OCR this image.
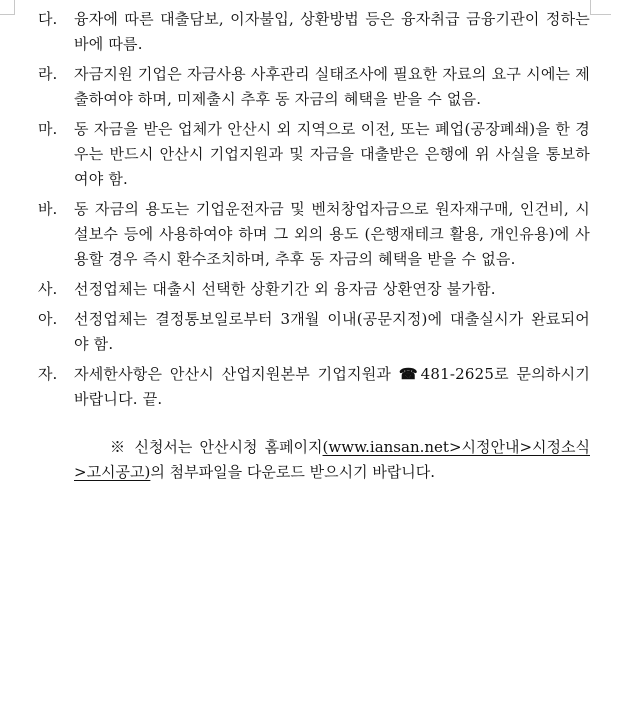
다.	융자에 따른 대출담보, 이자불입, 상환방법 등은 융자취급 금융기관이 정하는 바에 따름.
라.	자금지원 기업은 자금사용 사후관리 실태조사에 필요한 자료의 요구 시에는 제출하여야 하며, 미제출시 추후 동 자금의 혜택을 받을 수 없음.
마.	동 자금을 받은 업체가 안산시 외 지역으로 이전, 또는 폐업(공장폐쇄)을 한 경우는 반드시 안산시 기업지원과 및 자금을 대출받은 은행에 위 사실을 통보하여야 함.
바.	동 자금의 용도는 기업운전자금 및 벤처창업자금으로 원자재구매, 인건비, 시설보수 등에 사용하여야 하며 그 외의 용도 (은행재테크 활용, 개인유용)에 사용할 경우 즉시 환수조치하며, 추후 동 자금의 혜택을 받을 수 없음.
사.	선정업체는 대출시 선택한 상환기간 외 융자금 상환연장 불가함.
아.	선정업체는 결정통보일로부터 3개월 이내(공문지정)에 대출실시가 완료되어야 함.
자.	자세한사항은 안산시 산업지원본부 기업지원과 ☎481-2625로 문의하시기 바랍니다. 끝.
※ 신청서는 안산시청 홈페이지(www.iansan.net>시정안내>시정소식>고시공고)의 첨부파일을 다운로드 받으시기 바랍니다.
